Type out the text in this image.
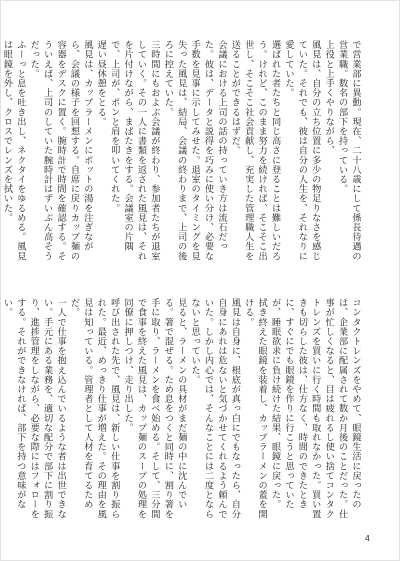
で営業部に異動。現在、二十八歳にして係長待遇の営業職。数名の部下を持っている。
上役と上手くやりながら、
風見は、自分の立ち位置に多少の物足りなさを感じていた。それでも、彼は自分の人生を、それなりに愛していた。
選ばれた者たちと同じ高さに登ることは難しいだろう。けれど、このまま努力を続ければ、そこそこ出世し、そこそこ社会貢献し、充実した管理職人生を送ることができるはずだ。
会議における上司の話の持っていき方は流石だった。彼は、データと説得を巧みに使い分け、必要な手数を見事に示してみせた。退室のタイミングを見失った風見は、結局、会議の終わりまで、上司の後ろに控えていた。
三時間にもおよぶ会議が終わり、参加者たちが退室していく。その一人に書類を返された風見は、それを片付けながら、まばたきをする。会議室の片隅で、上司が、ポンと肩を叩いてくれた。
遅い昼休憩をとる。
風見は、カップラーメンにポットの湯を注ぎながら、会議の様子を回想する。自席に戻りカップ麺の容器をデスクに置く。腕時計で時間を確認する。そういえば、上司のしていた腕時計はずいぶん高そうだった。
ふーっと息を吐き出し、ネクタイをゆるめる。風見は眼鏡を外し、クロスでレンズを拭いた。
コンタクトレンズをやめて、眼鏡生活に戻ったのは、企業部に配属されて数か月後のことだった。仕事が忙しくなると、目は疲れるし使い捨てコンタクトレンズを買いに行く時間も取れなかった。買い置きも切らした彼は、仕方なく、時間のできたときに、すぐにでも眼鏡を作りに行こうと思っていたが、睡眠欲求に負け続けた結果、眼鏡に戻った。
拭き終えた眼鏡を装着し、カップラーメンの蓋を開ける。
風見は自身に、根底が真っ白にでもなったら、自分自身にあれは危ないと気づかせてくれるよう頼んでいた。しかし内心では、そんなことには二度とならないと思っていた。
見ると、ラーメンの具材がまだ麺の中に沈んでいる。箸で混ぜる。ため息をつくと同時に、割り箸を手に取り、ラーメンを食べ始める。そして、三分間で食事を終えた風見は、カップ麺のスープの処理を同僚に押しつけ、走り出した。
呼び出された先で、風見は、新しい仕事を割り振られた。最近、めっきり仕事が増えた。その理由を風見は知っている。管理者として人材を育てるためだ。
一人で仕事を抱え込んでいるような者は出世できない。手元にある業務を、適切な配分で部下に割り振り、進捗管理をしながら、必要な際にはフォローをする。それができなければ、部下を持つ意味がない。

4
